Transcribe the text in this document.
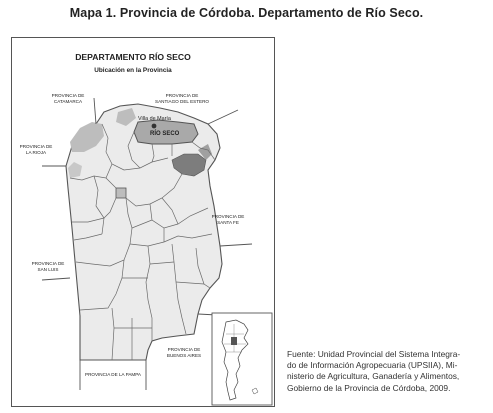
Mapa 1. Provincia de Córdoba. Departamento de Río Seco.
DEPARTAMENTO RÍO SECO
Ubicación en la Provincia
PROVINCIA DE
CATAMARCA
PROVINCIA DE
SANTIAGO DEL ESTERO
PROVINCIA DE
LA RIOJA
PROVINCIA DE
SANTA FE
PROVINCIA DE
SAN LUIS
PROVINCIA DE
BUENOS AIRES
PROVINCIA DE LA PAMPA
Villa de María
RÍO SECO
Fuente: Unidad Provincial del Sistema Integra-
do de Información Agropecuaria (UPSIIA), Mi-
nisterio de Agricultura, Ganadería y Alimentos,
Gobierno de la Provincia de Córdoba, 2009.
